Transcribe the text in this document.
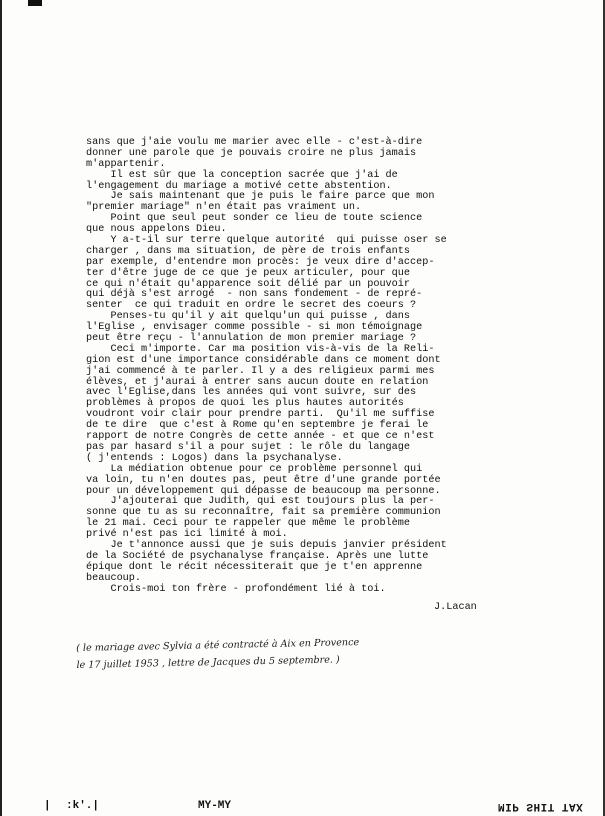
sans que j'aie voulu me marier avec elle - c'est-à-dire
donner une parole que je pouvais croire ne plus jamais
m'appartenir.
Il est sûr que la conception sacrée que j'ai de
l'engagement du mariage a motivé cette abstention.
Je sais maintenant que je puis le faire parce que mon
"premier mariage" n'en était pas vraiment un.
Point que seul peut sonder ce lieu de toute science
que nous appelons Dieu.
Y a-t-il sur terre quelque autorité  qui puisse oser se
charger , dans ma situation, de père de trois enfants
par exemple, d'entendre mon procès: je veux dire d'accep-
ter d'être juge de ce que je peux articuler, pour que
ce qui n'était qu'apparence soit délié par un pouvoir
qui déjà s'est arrogé  - non sans fondement - de repré-
senter  ce qui traduit en ordre le secret des coeurs ?
Penses-tu qu'il y ait quelqu'un qui puisse , dans
l'Eglise , envisager comme possible - si mon témoignage
peut être reçu - l'annulation de mon premier mariage ?
Ceci m'importe. Car ma position vis-à-vis de la Reli-
gion est d'une importance considérable dans ce moment dont
j'ai commencé à te parler. Il y a des religieux parmi mes
élèves, et j'aurai à entrer sans aucun doute en relation
avec l'Eglise,dans les années qui vont suivre, sur des
problèmes à propos de quoi les plus hautes autorités
voudront voir clair pour prendre parti.  Qu'il me suffise
de te dire  que c'est à Rome qu'en septembre je ferai le
rapport de notre Congrès de cette année - et que ce n'est
pas par hasard s'il a pour sujet : le rôle du langage
( j'entends : Logos) dans la psychanalyse.
La médiation obtenue pour ce problème personnel qui
va loin, tu n'en doutes pas, peut être d'une grande portée
pour un développement qui dépasse de beaucoup ma personne.
J'ajouterai que Judith, qui est toujours plus la per-
sonne que tu as su reconnaître, fait sa première communion
le 21 mai. Ceci pour te rappeler que même le problème
privé n'est pas ici limité à moi.
Je t'annonce aussi que je suis depuis janvier président
de la Société de psychanalyse française. Après une lutte
épique dont le récit nécessiterait que je t'en apprenne
beaucoup.
Crois-moi ton frère - profondément lié à toi.
J.Lacan
( le mariage avec Sylvia a été contracté à Aix en Provence
le 17 juillet 1953 , lettre de Jacques du 5 septembre. )
| :k'.|	MY-MY	MIP SHIT TAX
